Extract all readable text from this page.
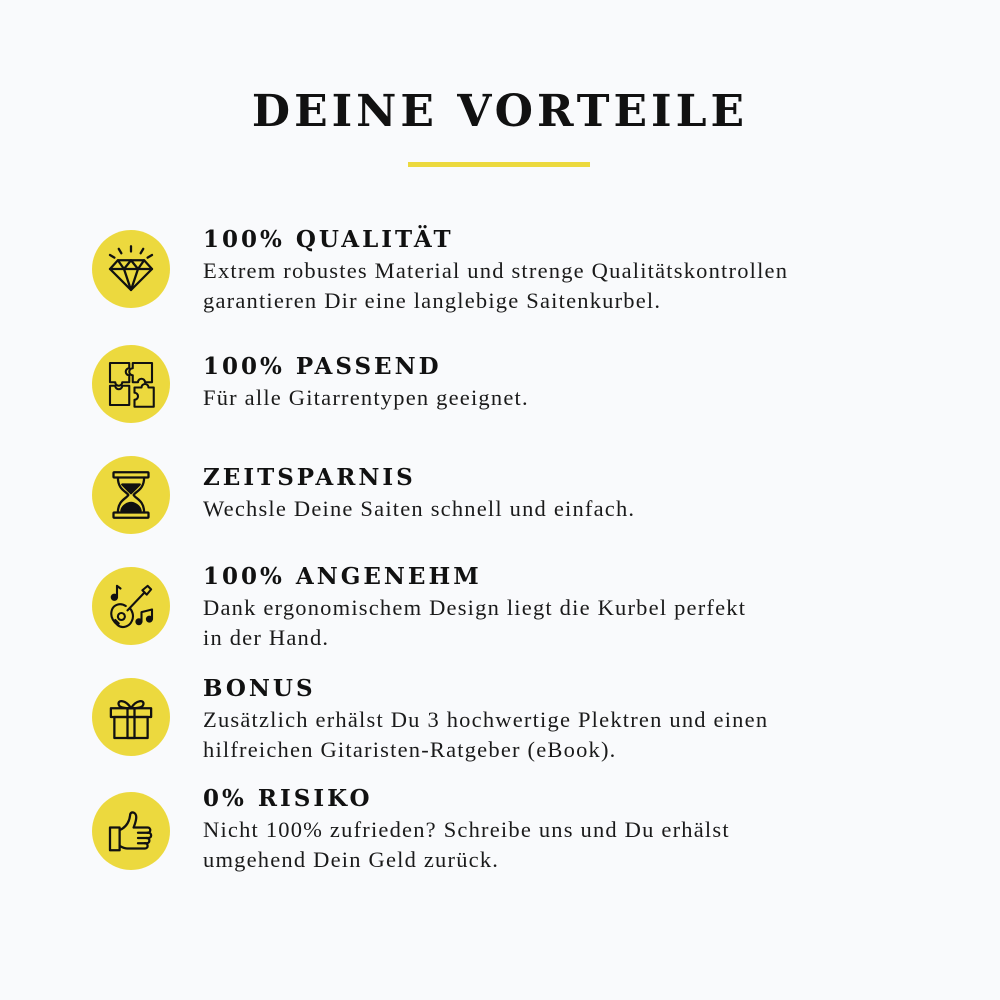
DEINE VORTEILE
100% QUALITÄT

Extrem robustes Material und strenge Qualitätskontrollen
garantieren Dir eine langlebige Saitenkurbel.

100% PASSEND

Für alle Gitarrentypen geeignet.

ZEITSPARNIS

Wechsle Deine Saiten schnell und einfach.

100% ANGENEHM

Dank ergonomischem Design liegt die Kurbel perfekt
in der Hand.

BONUS

Zusätzlich erhälst Du 3 hochwertige Plektren und einen
hilfreichen Gitaristen-Ratgeber (eBook).

0% RISIKO

Nicht 100% zufrieden? Schreibe uns und Du erhälst
umgehend Dein Geld zurück.
